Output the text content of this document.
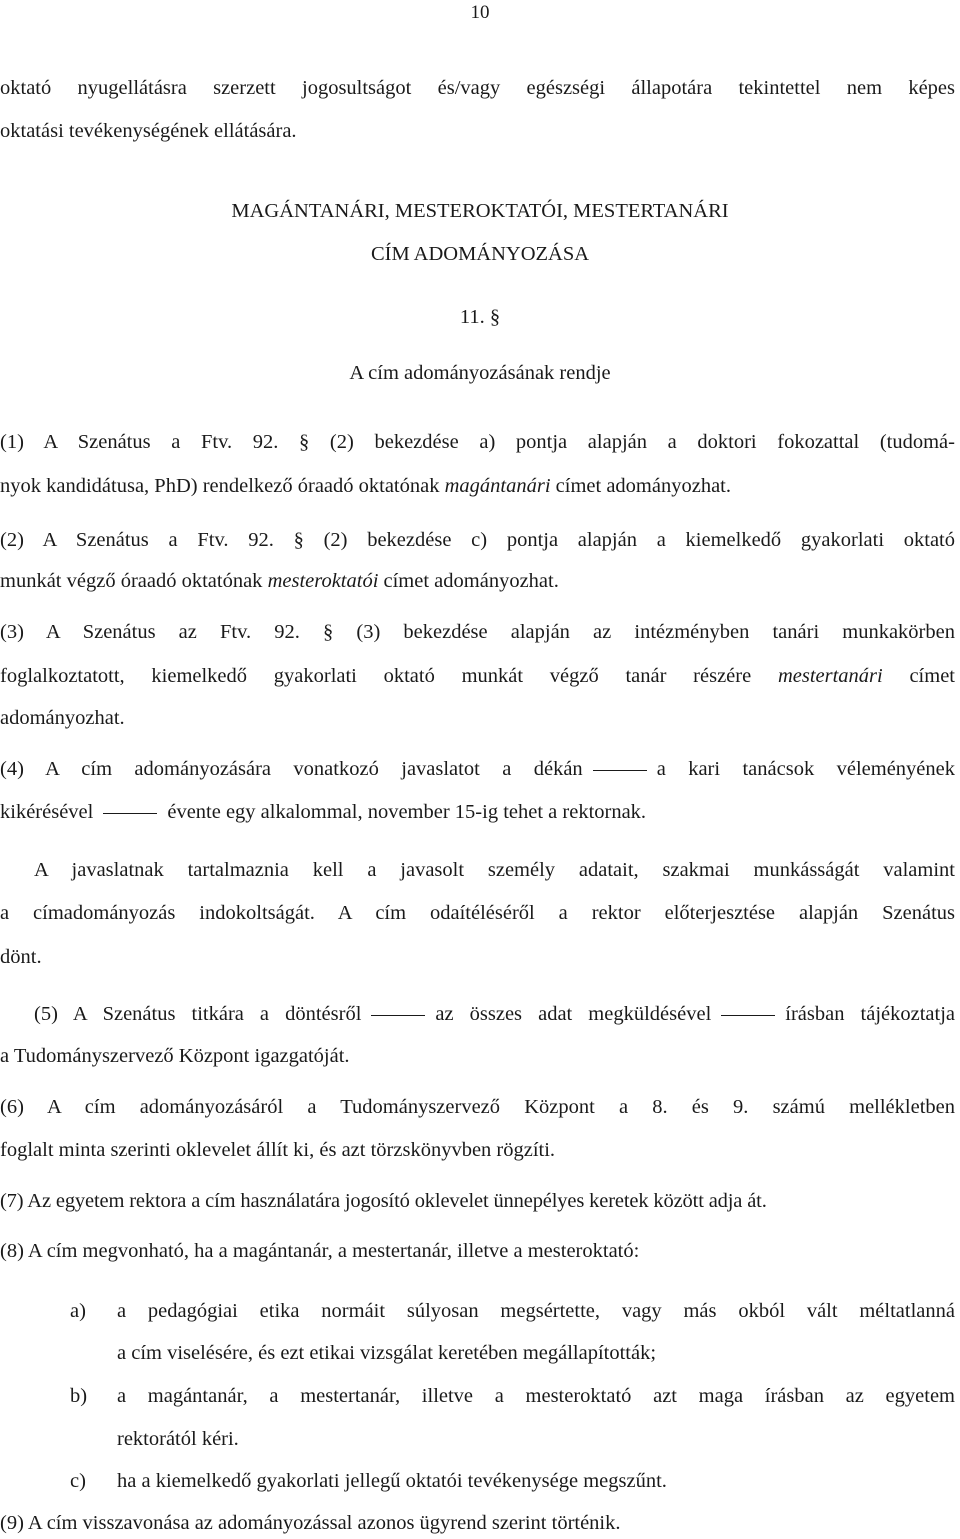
10
oktató nyugellátásra szerzett jogosultságot és/vagy egészségi állapotára tekintettel nem képes
oktatási tevékenységének ellátására.
MAGÁNTANÁRI, MESTEROKTATÓI, MESTERTANÁRI
CÍM ADOMÁNYOZÁSA
11. §
A cím adományozásának rendje
(1) A Szenátus a Ftv. 92. § (2) bekezdése a) pontja alapján a doktori fokozattal (tudomá-
nyok kandidátusa, PhD) rendelkező óraadó oktatónak magántanári címet adományozhat.
(2) A Szenátus a Ftv. 92. § (2) bekezdése c) pontja alapján a kiemelkedő gyakorlati oktató
munkát végző óraadó oktatónak mesteroktatói címet adományozhat.
(3) A Szenátus az Ftv. 92. § (3) bekezdése alapján az intézményben tanári munkakörben
foglalkoztatott, kiemelkedő gyakorlati oktató munkát végző tanár részére mestertanári címet
adományozhat.
(4) A cím adományozására vonatkozó javaslatot a dékán	a kari tanácsok véleményének
kikérésével	évente egy alkalommal, november 15-ig tehet a rektornak.
A javaslatnak tartalmaznia kell a javasolt személy adatait, szakmai munkásságát valamint
a címadományozás indokoltságát. A cím odaítéléséről a rektor előterjesztése alapján Szenátus
dönt.
(5) A Szenátus titkára a döntésről	az összes adat megküldésével	írásban tájékoztatja
a Tudományszervező Központ igazgatóját.
(6) A cím adományozásáról a Tudományszervező Központ a 8. és 9. számú mellékletben
foglalt minta szerinti oklevelet állít ki, és azt törzskönyvben rögzíti.
(7) Az egyetem rektora a cím használatára jogosító oklevelet ünnepélyes keretek között adja át.
(8) A cím megvonható, ha a magántanár, a mestertanár, illetve a mesteroktató:
a) a pedagógiai etika normáit súlyosan megsértette, vagy más okból vált méltatlanná
a cím viselésére, és ezt etikai vizsgálat keretében megállapították;
b) a magántanár, a mestertanár, illetve a mesteroktató azt maga írásban az egyetem
rektorától kéri.
c) ha a kiemelkedő gyakorlati jellegű oktatói tevékenysége megszűnt.
(9) A cím visszavonása az adományozással azonos ügyrend szerint történik.
